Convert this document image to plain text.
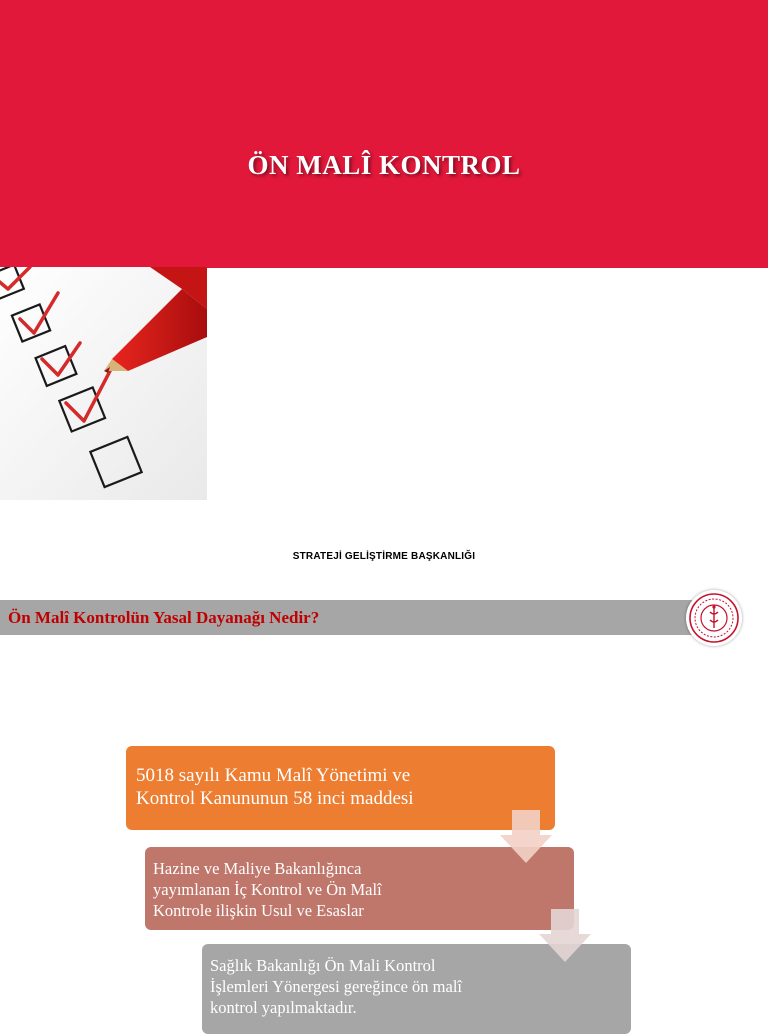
ÖN MALÎ KONTROL
STRATEJİ GELİŞTİRME BAŞKANLIĞI
Ön Malî Kontrolün Yasal Dayanağı Nedir?
5018 sayılı Kamu Malî Yönetimi ve
Kontrol Kanununun 58 inci maddesi
Hazine ve Maliye Bakanlığınca
yayımlanan İç Kontrol ve Ön Malî
Kontrole ilişkin Usul ve Esaslar
Sağlık Bakanlığı Ön Mali Kontrol
İşlemleri Yönergesi gereğince ön malî
kontrol yapılmaktadır.
